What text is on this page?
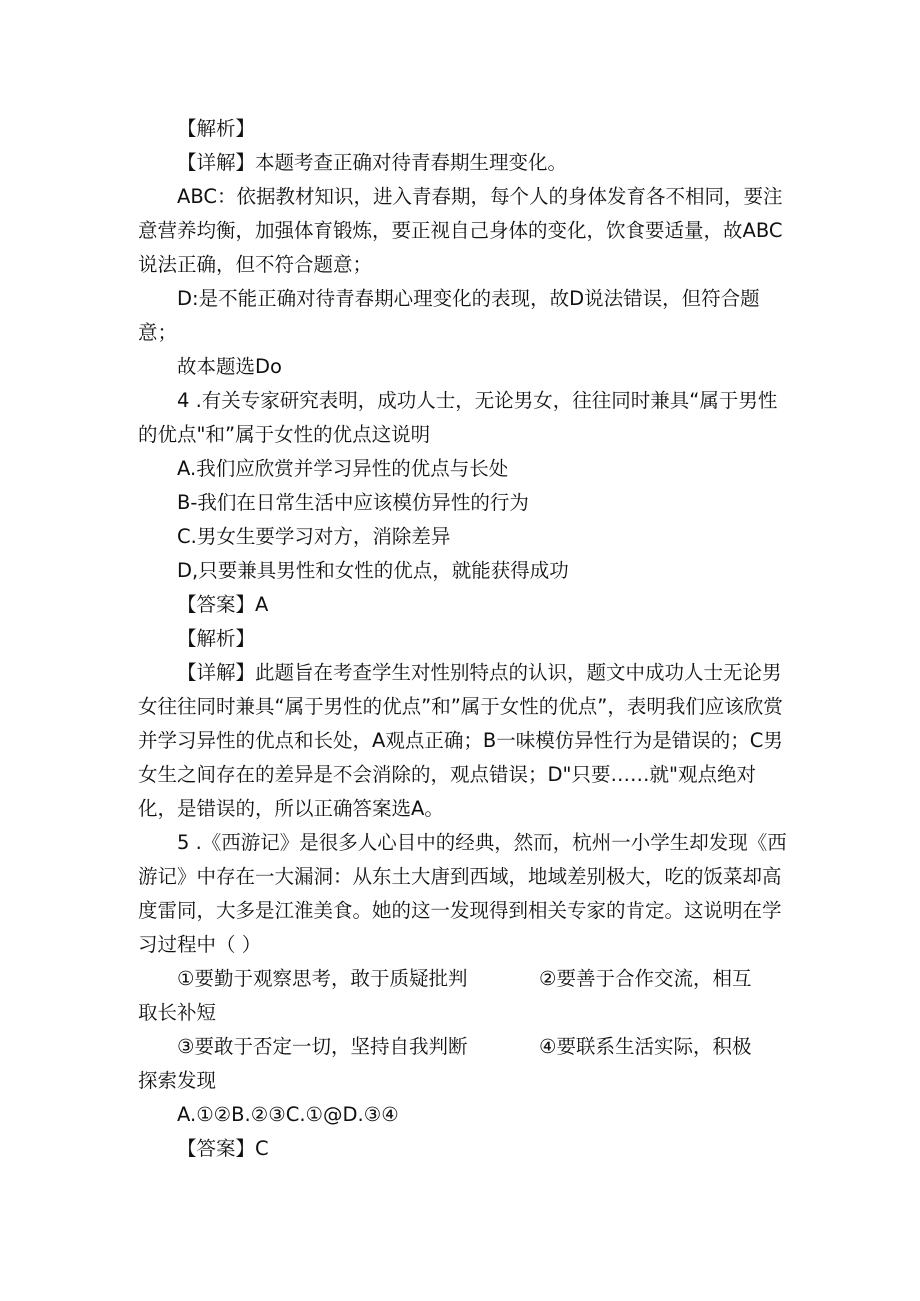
【解析】

【详解】本题考查正确对待青春期生理变化。

ABC：依据教材知识，进入青春期，每个人的身体发育各不相同，要注意营养均衡，加强体育锻炼，要正视自己身体的变化，饮食要适量，故ABC说法正确，但不符合题意；

D:是不能正确对待青春期心理变化的表现，故D说法错误，但符合题意；

故本题选Do

4 .有关专家研究表明，成功人士，无论男女，往往同时兼具“属于男性的优点"和”属于女性的优点这说明

A.我们应欣赏并学习异性的优点与长处

B-我们在日常生活中应该模仿异性的行为

C.男女生要学习对方，消除差异

D,只要兼具男性和女性的优点，就能获得成功

【答案】A

【解析】

【详解】此题旨在考查学生对性别特点的认识，题文中成功人士无论男女往往同时兼具“属于男性的优点”和”属于女性的优点”，表明我们应该欣赏并学习异性的优点和长处，A观点正确；B一味模仿异性行为是错误的；C男女生之间存在的差异是不会消除的，观点错误；D"只要……就"观点绝对化，是错误的，所以正确答案选A。

5 .《西游记》是很多人心目中的经典，然而，杭州一小学生却发现《西游记》中存在一大漏洞：从东土大唐到西域，地域差别极大，吃的饭菜却高度雷同，大多是江淮美食。她的这一发现得到相关专家的肯定。这说明在学习过程中（ ）

①要勤于观察思考，敢于质疑批判	②要善于合作交流，相互
取长补短
③要敢于否定一切，坚持自我判断	④要联系生活实际，积极
探索发现

A.①②B.②③C.①@D.③④

【答案】C
